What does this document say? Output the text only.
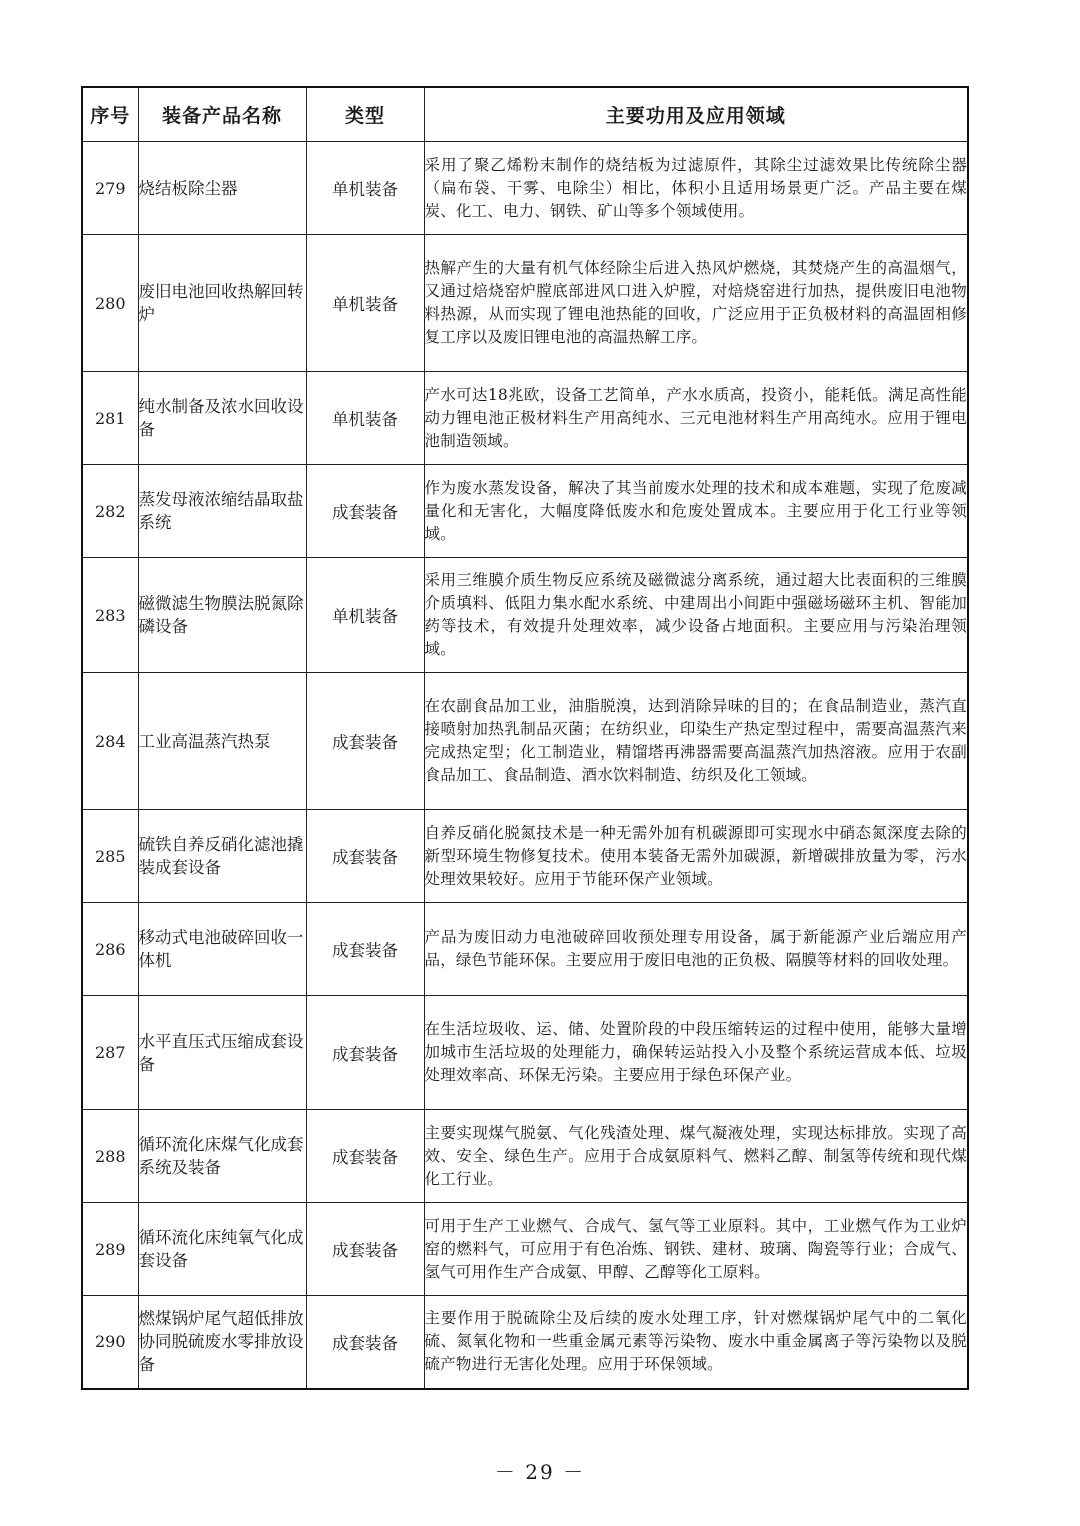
序号	装备产品名称	类型	主要功用及应用领域
279	烧结板除尘器	单机装备	采用了聚乙烯粉末制作的烧结板为过滤原件，其除尘过滤效果比传统除尘器（扁布袋、干雾、电除尘）相比，体积小且适用场景更广泛。产品主要在煤炭、化工、电力、钢铁、矿山等多个领域使用。
280	废旧电池回收热解回转炉	单机装备	热解产生的大量有机气体经除尘后进入热风炉燃烧，其焚烧产生的高温烟气，又通过焙烧窑炉膛底部进风口进入炉膛，对焙烧窑进行加热，提供废旧电池物料热源，从而实现了锂电池热能的回收，广泛应用于正负极材料的高温固相修复工序以及废旧锂电池的高温热解工序。
281	纯水制备及浓水回收设备	单机装备	产水可达18兆欧，设备工艺简单，产水水质高，投资小，能耗低。满足高性能动力锂电池正极材料生产用高纯水、三元电池材料生产用高纯水。应用于锂电池制造领域。
282	蒸发母液浓缩结晶取盐系统	成套装备	作为废水蒸发设备，解决了其当前废水处理的技术和成本难题，实现了危废减量化和无害化，大幅度降低废水和危废处置成本。主要应用于化工行业等领域。
283	磁微滤生物膜法脱氮除磷设备	单机装备	采用三维膜介质生物反应系统及磁微滤分离系统，通过超大比表面积的三维膜介质填料、低阻力集水配水系统、中建周出小间距中强磁场磁环主机、智能加药等技术，有效提升处理效率，减少设备占地面积。主要应用与污染治理领域。
284	工业高温蒸汽热泵	成套装备	在农副食品加工业，油脂脱溴，达到消除异味的目的；在食品制造业，蒸汽直接喷射加热乳制品灭菌；在纺织业，印染生产热定型过程中，需要高温蒸汽来完成热定型；化工制造业，精馏塔再沸器需要高温蒸汽加热溶液。应用于农副食品加工、食品制造、酒水饮料制造、纺织及化工领域。
285	硫铁自养反硝化滤池撬装成套设备	成套装备	自养反硝化脱氮技术是一种无需外加有机碳源即可实现水中硝态氮深度去除的新型环境生物修复技术。使用本装备无需外加碳源，新增碳排放量为零，污水处理效果较好。应用于节能环保产业领域。
286	移动式电池破碎回收一体机	成套装备	产品为废旧动力电池破碎回收预处理专用设备，属于新能源产业后端应用产品，绿色节能环保。主要应用于废旧电池的正负极、隔膜等材料的回收处理。
287	水平直压式压缩成套设备	成套装备	在生活垃圾收、运、储、处置阶段的中段压缩转运的过程中使用，能够大量增加城市生活垃圾的处理能力，确保转运站投入小及整个系统运营成本低、垃圾处理效率高、环保无污染。主要应用于绿色环保产业。
288	循环流化床煤气化成套系统及装备	成套装备	主要实现煤气脱氨、气化残渣处理、煤气凝液处理，实现达标排放。实现了高效、安全、绿色生产。应用于合成氨原料气、燃料乙醇、制氢等传统和现代煤化工行业。
289	循环流化床纯氧气化成套设备	成套装备	可用于生产工业燃气、合成气、氢气等工业原料。其中，工业燃气作为工业炉窑的燃料气，可应用于有色冶炼、钢铁、建材、玻璃、陶瓷等行业；合成气、氢气可用作生产合成氨、甲醇、乙醇等化工原料。
290	燃煤锅炉尾气超低排放协同脱硫废水零排放设备	成套装备	主要作用于脱硫除尘及后续的废水处理工序，针对燃煤锅炉尾气中的二氧化硫、氮氧化物和一些重金属元素等污染物、废水中重金属离子等污染物以及脱硫产物进行无害化处理。应用于环保领域。
－ 29 －
